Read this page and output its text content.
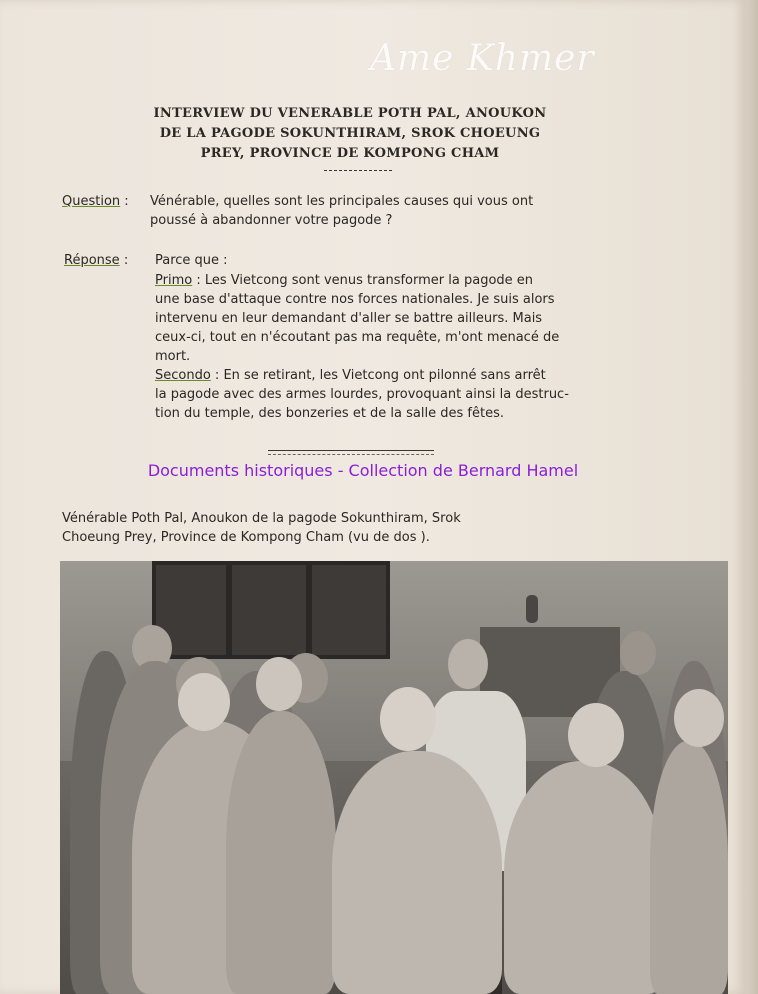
Ame Khmer
INTERVIEW DU VENERABLE POTH PAL, ANOUKON
DE LA PAGODE SOKUNTHIRAM, SROK CHOEUNG
PREY, PROVINCE DE KOMPONG CHAM
Question : Vénérable, quelles sont les principales causes qui vous ont
poussé à abandonner votre pagode ?
Réponse : Parce que :
Primo : Les Vietcong sont venus transformer la pagode en
une base d'attaque contre nos forces nationales. Je suis alors
intervenu en leur demandant d'aller se battre ailleurs. Mais
ceux-ci, tout en n'écoutant pas ma requête, m'ont menacé de
mort.
Secondo : En se retirant, les Vietcong ont pilonné sans arrêt
la pagode avec des armes lourdes, provoquant ainsi la destruc-
tion du temple, des bonzeries et de la salle des fêtes.
Documents historiques - Collection de Bernard Hamel
Vénérable Poth Pal, Anoukon de la pagode Sokunthiram, Srok
Choeung Prey, Province de Kompong Cham (vu de dos ).
